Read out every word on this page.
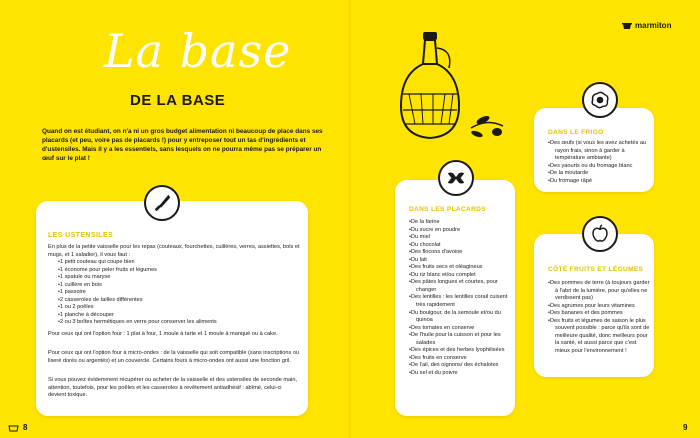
La base
DE LA BASE

Quand on est étudiant, on n'a ni un gros budget alimentation ni beaucoup de place dans ses placards (et peu, voire pas de placards !) pour y entreposer tout un tas d'ingrédients et d'ustensiles. Mais il y a les essentiels, sans lesquels on ne pourra même pas se préparer un œuf sur le plat !

LES USTENSILES

En plus de la petite vaisselle pour les repas (couteaux, fourchettes, cuillères, verres, assiettes, bols et mugs, et 1 saladier), il vous faut :

• 1 petit couteau qui coupe bien
• 1 économe pour peler fruits et légumes
• 1 spatule ou maryse
• 1 cuillère en bois
• 1 passoire
• 2 casseroles de tailles différentes
• 1 ou 2 poêles
• 1 planche à découper
• 2 ou 3 boîtes hermétiques en verre pour conserver les aliments

Pour ceux qui ont l'option four : 1 plat à four, 1 moule à tarte et 1 moule à manqué ou à cake.

Pour ceux qui ont l'option four à micro-ondes : de la vaisselle qui soit compatible (sans inscriptions ou liseré dorés ou argentés) et un couvercle. Certains fours à micro-ondes ont aussi une fonction gril.

Si vous pouvez évidemment récupérer ou acheter de la vaisselle et des ustensiles de seconde main, attention, toutefois, pour les poêles et les casseroles à revêtement antiadhésif : abîmé, celui-ci devient toxique.

DANS LES PLACARDS
• De la farine
• Du sucre en poudre
• Du miel
• Du chocolat
• Des flocons d'avoine
• Du lait
• Des fruits secs et oléagineux
• Du riz blanc et/ou complet
• Des pâtes longues et courtes, pour changer
• Des lentilles : les lentilles corail cuisent très rapidement
• Du boulgour, de la semoule et/ou du quinoa
• Des tomates en conserve
• De l'huile pour la cuisson et pour les salades
• Des épices et des herbes lyophilisées
• Des fruits en conserve
• De l'ail, des oignons/ des échalotes
• Du sel et du poivre
DANS LE FRIGO
• Des œufs (si vous les avez achetés au rayon frais, sinon à garder à température ambiante)
• Des yaourts ou du fromage blanc
• De la moutarde
• Du fromage râpé
CÔTÉ FRUITS ET LÉGUMES
• Des pommes de terre (à toujours garder à l'abri de la lumière, pour qu'elles ne verdissent pas)
• Des agrumes pour leurs vitamines
• Des bananes et des pommes
• Des fruits et légumes de saison le plus souvent possible : parce qu'ils sont de meilleure qualité, donc meilleurs pour la santé, et aussi parce que c'est mieux pour l'environnement !
marmiton
8	9
